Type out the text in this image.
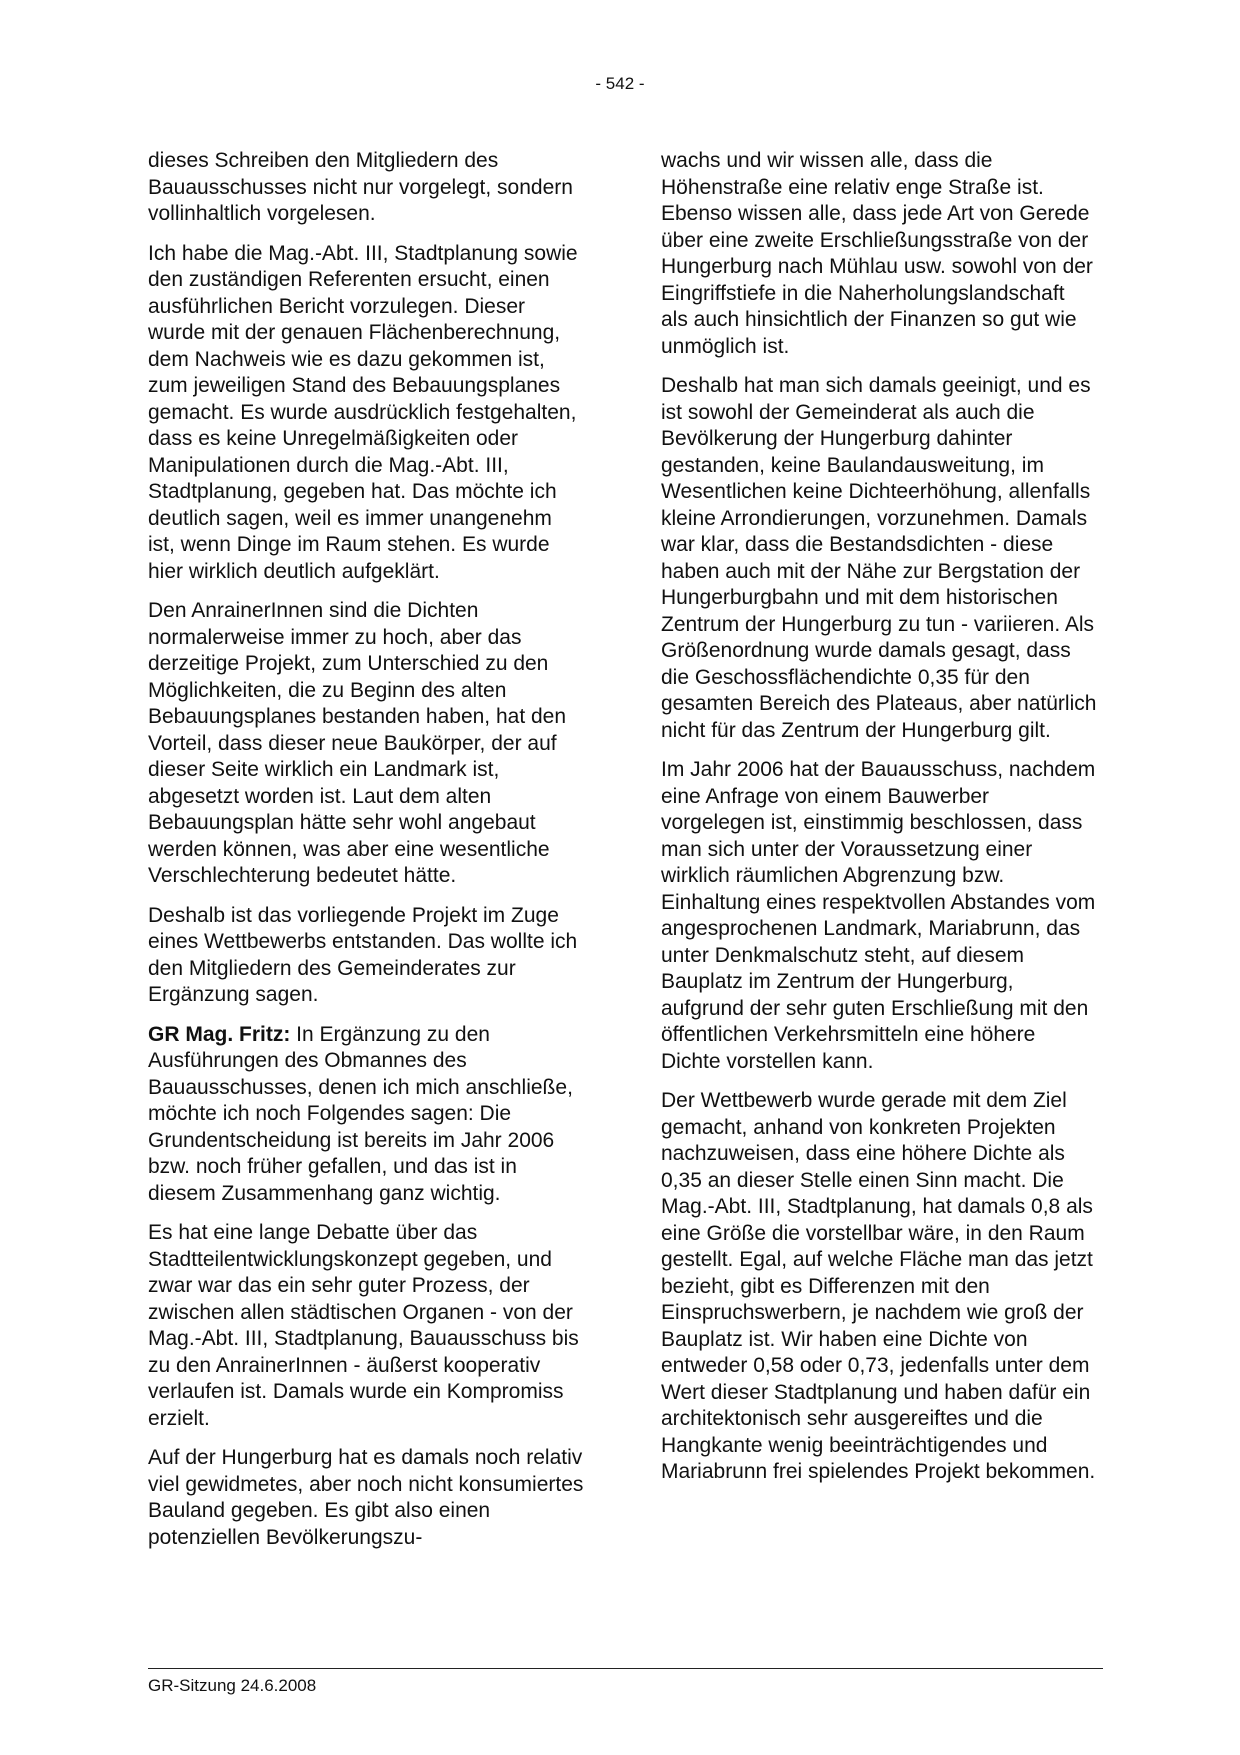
- 542 -

dieses Schreiben den Mitgliedern des Bauausschusses nicht nur vorgelegt, sondern vollinhaltlich vorgelesen.

Ich habe die Mag.-Abt. III, Stadtplanung sowie den zuständigen Referenten ersucht, einen ausführlichen Bericht vorzulegen. Dieser wurde mit der genauen Flächenberechnung, dem Nachweis wie es dazu gekommen ist, zum jeweiligen Stand des Bebauungsplanes gemacht. Es wurde ausdrücklich festgehalten, dass es keine Unregelmäßigkeiten oder Manipulationen durch die Mag.-Abt. III, Stadtplanung, gegeben hat. Das möchte ich deutlich sagen, weil es immer unangenehm ist, wenn Dinge im Raum stehen. Es wurde hier wirklich deutlich aufgeklärt.

Den AnrainerInnen sind die Dichten normalerweise immer zu hoch, aber das derzeitige Projekt, zum Unterschied zu den Möglichkeiten, die zu Beginn des alten Bebauungsplanes bestanden haben, hat den Vorteil, dass dieser neue Baukörper, der auf dieser Seite wirklich ein Landmark ist, abgesetzt worden ist. Laut dem alten Bebauungsplan hätte sehr wohl angebaut werden können, was aber eine wesentliche Verschlechterung bedeutet hätte.

Deshalb ist das vorliegende Projekt im Zuge eines Wettbewerbs entstanden. Das wollte ich den Mitgliedern des Gemeinderates zur Ergänzung sagen.

GR Mag. Fritz: In Ergänzung zu den Ausführungen des Obmannes des Bauausschusses, denen ich mich anschließe, möchte ich noch Folgendes sagen: Die Grundentscheidung ist bereits im Jahr 2006 bzw. noch früher gefallen, und das ist in diesem Zusammenhang ganz wichtig.

Es hat eine lange Debatte über das Stadtteilentwicklungskonzept gegeben, und zwar war das ein sehr guter Prozess, der zwischen allen städtischen Organen - von der Mag.-Abt. III, Stadtplanung, Bauausschuss bis zu den AnrainerInnen - äußerst kooperativ verlaufen ist. Damals wurde ein Kompromiss erzielt.

Auf der Hungerburg hat es damals noch relativ viel gewidmetes, aber noch nicht konsumiertes Bauland gegeben. Es gibt also einen potenziellen Bevölkerungszu-

wachs und wir wissen alle, dass die Höhenstraße eine relativ enge Straße ist. Ebenso wissen alle, dass jede Art von Gerede über eine zweite Erschließungsstraße von der Hungerburg nach Mühlau usw. sowohl von der Eingriffstiefe in die Naherholungslandschaft als auch hinsichtlich der Finanzen so gut wie unmöglich ist.

Deshalb hat man sich damals geeinigt, und es ist sowohl der Gemeinderat als auch die Bevölkerung der Hungerburg dahinter gestanden, keine Baulandausweitung, im Wesentlichen keine Dichteerhöhung, allenfalls kleine Arrondierungen, vorzunehmen. Damals war klar, dass die Bestandsdichten - diese haben auch mit der Nähe zur Bergstation der Hungerburgbahn und mit dem historischen Zentrum der Hungerburg zu tun - variieren. Als Größenordnung wurde damals gesagt, dass die Geschossflächendichte 0,35 für den gesamten Bereich des Plateaus, aber natürlich nicht für das Zentrum der Hungerburg gilt.

Im Jahr 2006 hat der Bauausschuss, nachdem eine Anfrage von einem Bauwerber vorgelegen ist, einstimmig beschlossen, dass man sich unter der Voraussetzung einer wirklich räumlichen Abgrenzung bzw. Einhaltung eines respektvollen Abstandes vom angesprochenen Landmark, Mariabrunn, das unter Denkmalschutz steht, auf diesem Bauplatz im Zentrum der Hungerburg, aufgrund der sehr guten Erschließung mit den öffentlichen Verkehrsmitteln eine höhere Dichte vorstellen kann.

Der Wettbewerb wurde gerade mit dem Ziel gemacht, anhand von konkreten Projekten nachzuweisen, dass eine höhere Dichte als 0,35 an dieser Stelle einen Sinn macht. Die Mag.-Abt. III, Stadtplanung, hat damals 0,8 als eine Größe die vorstellbar wäre, in den Raum gestellt. Egal, auf welche Fläche man das jetzt bezieht, gibt es Differenzen mit den Einspruchswerbern, je nachdem wie groß der Bauplatz ist. Wir haben eine Dichte von entweder 0,58 oder 0,73, jedenfalls unter dem Wert dieser Stadtplanung und haben dafür ein architektonisch sehr ausgereiftes und die Hangkante wenig beeinträchtigendes und Mariabrunn frei spielendes Projekt bekommen.

GR-Sitzung 24.6.2008
